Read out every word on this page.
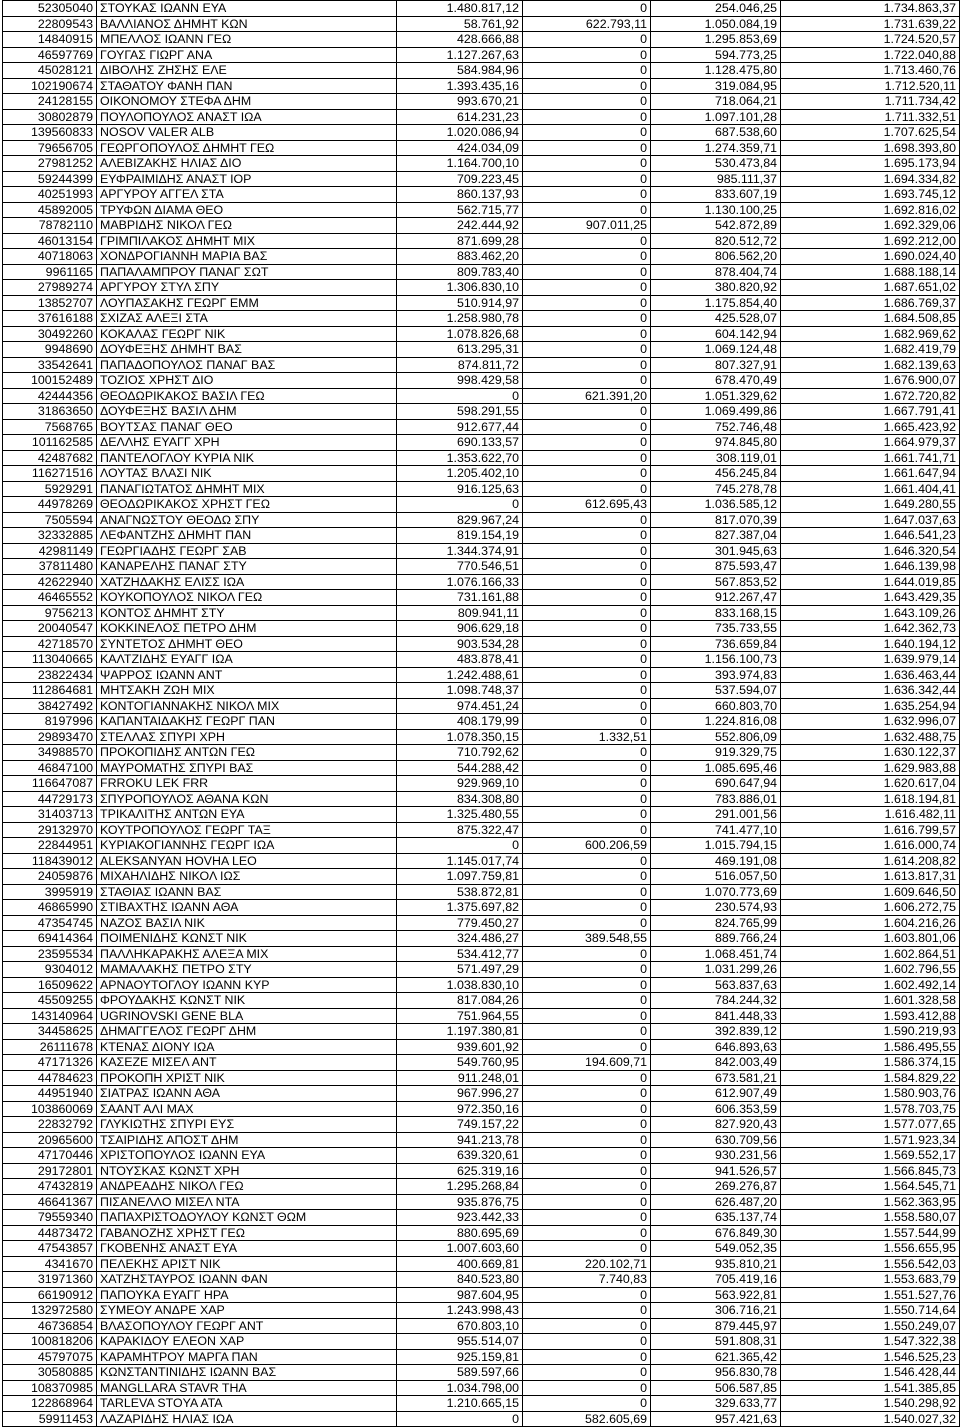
52305040	ΣΤΟΥΚΑΣ ΙΩΑΝΝ ΕΥΑ	1.480.817,12	0	254.046,25	1.734.863,37
22809543	ΒΑΛΛΙΑΝΟΣ ΔΗΜΗΤ ΚΩΝ	58.761,92	622.793,11	1.050.084,19	1.731.639,22
14840915	ΜΠΕΛΛΟΣ ΙΩΑΝΝ ΓΕΩ	428.666,88	0	1.295.853,69	1.724.520,57
46597769	ΓΟΥΓΑΣ ΓΙΩΡΓ ΑΝΑ	1.127.267,63	0	594.773,25	1.722.040,88
45028121	ΔΙΒΟΛΗΣ ΖΗΣΗΣ ΕΛΕ	584.984,96	0	1.128.475,80	1.713.460,76
102190674	ΣΤΑΘΑΤΟΥ ΦΑΝΗ ΠΑΝ	1.393.435,16	0	319.084,95	1.712.520,11
24128155	ΟΙΚΟΝΟΜΟΥ ΣΤΕΦΑ ΔΗΜ	993.670,21	0	718.064,21	1.711.734,42
30802879	ΠΟΥΛΟΠΟΥΛΟΣ ΑΝΑΣΤ ΙΩΑ	614.231,23	0	1.097.101,28	1.711.332,51
139560833	NOSOV VALER ALB	1.020.086,94	0	687.538,60	1.707.625,54
79656705	ΓΕΩΡΓΟΠΟΥΛΟΣ ΔΗΜΗΤ ΓΕΩ	424.034,09	0	1.274.359,71	1.698.393,80
27981252	ΑΛΕΒΙΖΑΚΗΣ ΗΛΙΑΣ ΔΙΟ	1.164.700,10	0	530.473,84	1.695.173,94
59244399	ΕΥΦΡΑΙΜΙΔΗΣ ΑΝΑΣΤ ΙΟΡ	709.223,45	0	985.111,37	1.694.334,82
40251993	ΑΡΓΥΡΟΥ ΑΓΓΕΛ ΣΤΑ	860.137,93	0	833.607,19	1.693.745,12
45892005	ΤΡΥΦΩΝ ΔΙΑΜΑ ΘΕΟ	562.715,77	0	1.130.100,25	1.692.816,02
78782110	ΜΑΒΡΙΔΗΣ ΝΙΚΟΛ ΓΕΩ	242.444,92	907.011,25	542.872,89	1.692.329,06
46013154	ΓΡΙΜΠΙΛΑΚΟΣ ΔΗΜΗΤ ΜΙΧ	871.699,28	0	820.512,72	1.692.212,00
40718063	ΧΟΝΔΡΟΓΙΑΝΝΗ ΜΑΡΙΑ ΒΑΣ	883.462,20	0	806.562,20	1.690.024,40
9961165	ΠΑΠΑΛΑΜΠΡΟΥ ΠΑΝΑΓ ΣΩΤ	809.783,40	0	878.404,74	1.688.188,14
27989274	ΑΡΓΥΡΟΥ ΣΤΥΛ ΣΠΥ	1.306.830,10	0	380.820,92	1.687.651,02
13852707	ΛΟΥΠΑΣΑΚΗΣ ΓΕΩΡΓ ΕΜΜ	510.914,97	0	1.175.854,40	1.686.769,37
37616188	ΣΧΙΖΑΣ ΑΛΕΞΙ ΣΤΑ	1.258.980,78	0	425.528,07	1.684.508,85
30492260	ΚΟΚΑΛΑΣ ΓΕΩΡΓ ΝΙΚ	1.078.826,68	0	604.142,94	1.682.969,62
9948690	ΔΟΥΦΕΞΗΣ ΔΗΜΗΤ ΒΑΣ	613.295,31	0	1.069.124,48	1.682.419,79
33542641	ΠΑΠΑΔΟΠΟΥΛΟΣ ΠΑΝΑΓ ΒΑΣ	874.811,72	0	807.327,91	1.682.139,63
100152489	ΤΟΖΙΟΣ ΧΡΗΣΤ ΔΙΟ	998.429,58	0	678.470,49	1.676.900,07
42444356	ΘΕΟΔΩΡΙΚΑΚΟΣ ΒΑΣΙΛ ΓΕΩ	0	621.391,20	1.051.329,62	1.672.720,82
31863650	ΔΟΥΦΕΞΗΣ ΒΑΣΙΛ ΔΗΜ	598.291,55	0	1.069.499,86	1.667.791,41
7568765	ΒΟΥΤΣΑΣ ΠΑΝΑΓ ΘΕΟ	912.677,44	0	752.746,48	1.665.423,92
101162585	ΔΕΛΛΗΣ ΕΥΑΓΓ ΧΡΗ	690.133,57	0	974.845,80	1.664.979,37
42487682	ΠΑΝΤΕΛΟΓΛΟΥ ΚΥΡΙΑ ΝΙΚ	1.353.622,70	0	308.119,01	1.661.741,71
116271516	ΛΟΥΤΑΣ ΒΛΑΣΙ ΝΙΚ	1.205.402,10	0	456.245,84	1.661.647,94
5929291	ΠΑΝΑΓΙΩΤΑΤΟΣ ΔΗΜΗΤ ΜΙΧ	916.125,63	0	745.278,78	1.661.404,41
44978269	ΘΕΟΔΩΡΙΚΑΚΟΣ ΧΡΗΣΤ ΓΕΩ	0	612.695,43	1.036.585,12	1.649.280,55
7505594	ΑΝΑΓΝΩΣΤΟΥ ΘΕΟΔΩ ΣΠΥ	829.967,24	0	817.070,39	1.647.037,63
32332885	ΛΕΦΑΝΤΖΗΣ ΔΗΜΗΤ ΠΑΝ	819.154,19	0	827.387,04	1.646.541,23
42981149	ΓΕΩΡΓΙΑΔΗΣ ΓΕΩΡΓ ΣΑΒ	1.344.374,91	0	301.945,63	1.646.320,54
37811480	ΚΑΝΑΡΕΛΗΣ ΠΑΝΑΓ ΣΤΥ	770.546,51	0	875.593,47	1.646.139,98
42622940	ΧΑΤΖΗΔΑΚΗΣ ΕΛΙΣΣ ΙΩΑ	1.076.166,33	0	567.853,52	1.644.019,85
46465552	ΚΟΥΚΟΠΟΥΛΟΣ ΝΙΚΟΛ ΓΕΩ	731.161,88	0	912.267,47	1.643.429,35
9756213	ΚΟΝΤΟΣ ΔΗΜΗΤ ΣΤΥ	809.941,11	0	833.168,15	1.643.109,26
20040547	ΚΟΚΚΙΝΕΛΟΣ ΠΕΤΡΟ ΔΗΜ	906.629,18	0	735.733,55	1.642.362,73
42718570	ΣΥΝΤΕΤΟΣ ΔΗΜΗΤ ΘΕΟ	903.534,28	0	736.659,84	1.640.194,12
113040665	ΚΑΛΤΖΙΔΗΣ ΕΥΑΓΓ ΙΩΑ	483.878,41	0	1.156.100,73	1.639.979,14
23822434	ΨΑΡΡΟΣ ΙΩΑΝΝ ΑΝΤ	1.242.488,61	0	393.974,83	1.636.463,44
112864681	ΜΗΤΣΑΚΗ ΖΩΗ ΜΙΧ	1.098.748,37	0	537.594,07	1.636.342,44
38427492	ΚΟΝΤΟΓΙΑΝΝΑΚΗΣ ΝΙΚΟΛ ΜΙΧ	974.451,24	0	660.803,70	1.635.254,94
8197996	ΚΑΠΑΝΤΑΙΔΑΚΗΣ ΓΕΩΡΓ ΠΑΝ	408.179,99	0	1.224.816,08	1.632.996,07
29893470	ΣΤΕΛΛΑΣ ΣΠΥΡΙ ΧΡΗ	1.078.350,15	1.332,51	552.806,09	1.632.488,75
34988570	ΠΡΟΚΟΠΙΔΗΣ ΑΝΤΩΝ ΓΕΩ	710.792,62	0	919.329,75	1.630.122,37
46847100	ΜΑΥΡΟΜΑΤΗΣ ΣΠΥΡΙ ΒΑΣ	544.288,42	0	1.085.695,46	1.629.983,88
116647087	FRROKU LEK FRR	929.969,10	0	690.647,94	1.620.617,04
44729173	ΣΠΥΡΟΠΟΥΛΟΣ ΑΘΑΝΑ ΚΩΝ	834.308,80	0	783.886,01	1.618.194,81
31403713	ΤΡΙΚΑΛΙΤΗΣ ΑΝΤΩΝ ΕΥΑ	1.325.480,55	0	291.001,56	1.616.482,11
29132970	ΚΟΥΤΡΟΠΟΥΛΟΣ ΓΕΩΡΓ ΤΑΞ	875.322,47	0	741.477,10	1.616.799,57
22844951	ΚΥΡΙΑΚΟΓΙΑΝΝΗΣ ΓΕΩΡΓ ΙΩΑ	0	600.206,59	1.015.794,15	1.616.000,74
118439012	ALEKSANYAN HOVHA LEO	1.145.017,74	0	469.191,08	1.614.208,82
24059876	ΜΙΧΑΗΛΙΔΗΣ ΝΙΚΟΛ ΙΩΣ	1.097.759,81	0	516.057,50	1.613.817,31
3995919	ΣΤΑΘΙΑΣ ΙΩΑΝΝ ΒΑΣ	538.872,81	0	1.070.773,69	1.609.646,50
46865990	ΣΤΙΒΑΧΤΗΣ ΙΩΑΝΝ ΑΘΑ	1.375.697,82	0	230.574,93	1.606.272,75
47354745	ΝΑΖΟΣ ΒΑΣΙΛ ΝΙΚ	779.450,27	0	824.765,99	1.604.216,26
69414364	ΠΟΙΜΕΝΙΔΗΣ ΚΩΝΣΤ ΝΙΚ	324.486,27	389.548,55	889.766,24	1.603.801,06
23595534	ΠΑΛΛΗΚΑΡΑΚΗΣ ΑΛΕΞΑ ΜΙΧ	534.412,77	0	1.068.451,74	1.602.864,51
9304012	ΜΑΜΑΛΑΚΗΣ ΠΕΤΡΟ ΣΤΥ	571.497,29	0	1.031.299,26	1.602.796,55
16509622	ΑΡΝΑΟΥΤΟΓΛΟΥ ΙΩΑΝΝ ΚΥΡ	1.038.830,10	0	563.837,63	1.602.492,14
45509255	ΦΡΟΥΔΑΚΗΣ ΚΩΝΣΤ ΝΙΚ	817.084,26	0	784.244,32	1.601.328,58
143140964	UGRINOVSKI GENE BLA	751.964,55	0	841.448,33	1.593.412,88
34458625	ΔΗΜΑΓΓΕΛΟΣ ΓΕΩΡΓ ΔΗΜ	1.197.380,81	0	392.839,12	1.590.219,93
26111678	ΚΤΕΝΑΣ ΔΙΟΝΥ ΙΩΑ	939.601,92	0	646.893,63	1.586.495,55
47171326	ΚΑΣΕΖΕ ΜΙΣΕΛ ΑΝΤ	549.760,95	194.609,71	842.003,49	1.586.374,15
44784623	ΠΡΟΚΟΠΗ ΧΡΙΣΤ ΝΙΚ	911.248,01	0	673.581,21	1.584.829,22
44951940	ΣΙΑΤΡΑΣ ΙΩΑΝΝ ΑΘΑ	967.996,27	0	612.907,49	1.580.903,76
103860069	ΣΑΑΝΤ ΑΛΙ ΜΑΧ	972.350,16	0	606.353,59	1.578.703,75
22832792	ΓΛΥΚΙΩΤΗΣ ΣΠΥΡΙ ΕΥΣ	749.157,22	0	827.920,43	1.577.077,65
20965600	ΤΣΑΙΡΙΔΗΣ ΑΠΟΣΤ ΔΗΜ	941.213,78	0	630.709,56	1.571.923,34
47170446	ΧΡΙΣΤΟΠΟΥΛΟΣ ΙΩΑΝΝ ΕΥΑ	639.320,61	0	930.231,56	1.569.552,17
29172801	ΝΤΟΥΣΚΑΣ ΚΩΝΣΤ ΧΡΗ	625.319,16	0	941.526,57	1.566.845,73
47432819	ΑΝΔΡΕΑΔΗΣ ΝΙΚΟΛ ΓΕΩ	1.295.268,84	0	269.276,87	1.564.545,71
46641367	ΠΙΣΑΝΕΛΛΟ ΜΙΣΕΛ ΝΤΑ	935.876,75	0	626.487,20	1.562.363,95
79559340	ΠΑΠΑΧΡΙΣΤΟΔΟΥΛΟΥ ΚΩΝΣΤ ΘΩΜ	923.442,33	0	635.137,74	1.558.580,07
44873472	ΓΑΒΑΝΟΖΗΣ ΧΡΗΣΤ ΓΕΩ	880.695,69	0	676.849,30	1.557.544,99
47543857	ΓΚΟΒΕΝΗΣ ΑΝΑΣΤ ΕΥΑ	1.007.603,60	0	549.052,35	1.556.655,95
4341670	ΠΕΛΕΚΗΣ ΑΡΙΣΤ ΝΙΚ	400.669,81	220.102,71	935.810,21	1.556.542,03
31971360	ΧΑΤΖΗΣΤΑΥΡΟΣ ΙΩΑΝΝ ΦΑΝ	840.523,80	7.740,83	705.419,16	1.553.683,79
66190912	ΠΑΠΟΥΚΑ ΕΥΑΓΓ ΗΡΑ	987.604,95	0	563.922,81	1.551.527,76
132972580	ΣΥΜΕΟΥ ΑΝΔΡΕ ΧΑΡ	1.243.998,43	0	306.716,21	1.550.714,64
46736854	ΒΛΑΣΟΠΟΥΛΟΥ ΓΕΩΡΓ ΑΝΤ	670.803,10	0	879.445,97	1.550.249,07
100818206	ΚΑΡΑΚΙΔΟΥ ΕΛΕΟΝ ΧΑΡ	955.514,07	0	591.808,31	1.547.322,38
45797075	ΚΑΡΑΜΗΤΡΟΥ ΜΑΡΓΑ ΠΑΝ	925.159,81	0	621.365,42	1.546.525,23
30580885	ΚΩΝΣΤΑΝΤΙΝΙΔΗΣ ΙΩΑΝΝ ΒΑΣ	589.597,66	0	956.830,78	1.546.428,44
108370985	MANGLLARA STAVR THA	1.034.798,00	0	506.587,85	1.541.385,85
122868964	TARLEVA STOYA ATA	1.210.665,15	0	329.633,77	1.540.298,92
59911453	ΛΑΖΑΡΙΔΗΣ ΗΛΙΑΣ ΙΩΑ	0	582.605,69	957.421,63	1.540.027,32
